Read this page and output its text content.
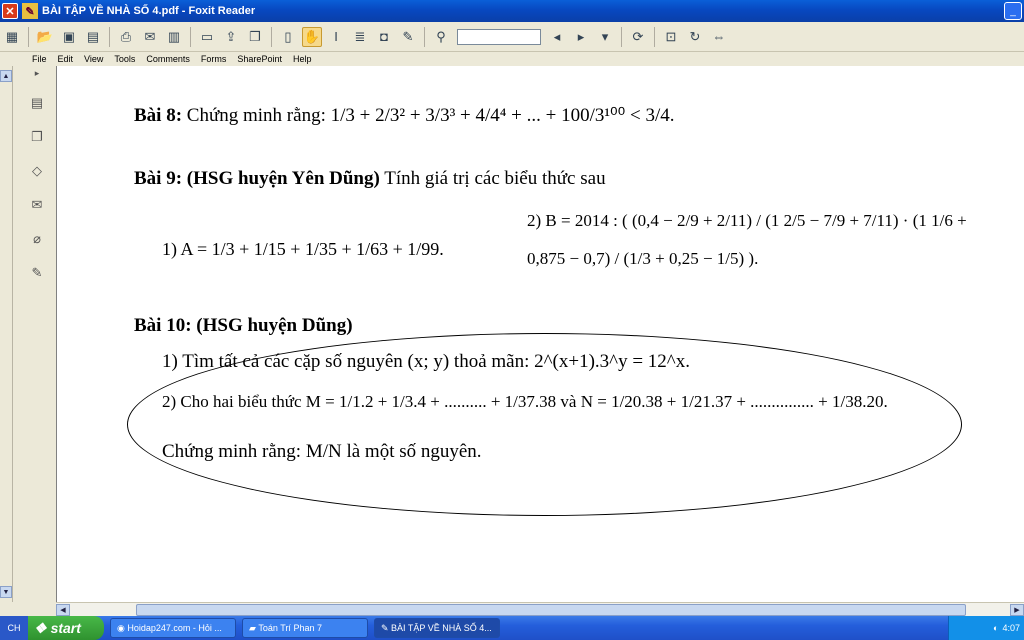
✕ ✎ BÀI TẬP VỀ NHÀ SỐ 4.pdf - Foxit Reader	_
▦ 📂 ▣ ▤	⎙	✉ ▥ ▭ ⇪ ❐	▯ ✋	I	≣	◘	✎	⚲	◂	▸	▾	⟳	⊡	↻ ⇔
File Edit View Tools Comments Forms SharePoint Help
▲
▼
▸
▤
❐
◇
✉
⌀
✎
Bài 8: Chứng minh rằng: 1/3 + 2/3² + 3/3³ + 4/4⁴ + ... + 100/3¹⁰⁰ < 3/4.
Bài 9: (HSG huyện Yên Dũng) Tính giá trị các biểu thức sau
1) A = 1/3 + 1/15 + 1/35 + 1/63 + 1/99.
2) B = 2014 : ( (0,4 − 2/9 + 2/11) / (1 2/5 − 7/9 + 7/11) · (1 1/6 + 0,875 − 0,7) / (1/3 + 0,25 − 1/5) ).
Bài 10: (HSG huyện Dũng)
1) Tìm tất cả các cặp số nguyên (x; y) thoả mãn: 2^(x+1).3^y = 12^x.
2) Cho hai biểu thức M = 1/1.2 + 1/3.4 + .......... + 1/37.38 và N = 1/20.38 + 1/21.37 + ............... + 1/38.20.
Chứng minh rằng: M/N là một số nguyên.
◀	▶
CH ❖ start	◉ Hoidap247.com - Hỏi ...	▰ Toán Trí Phan 7	✎ BÀI TẬP VỀ NHÀ SỐ 4...	◐ 4:07
